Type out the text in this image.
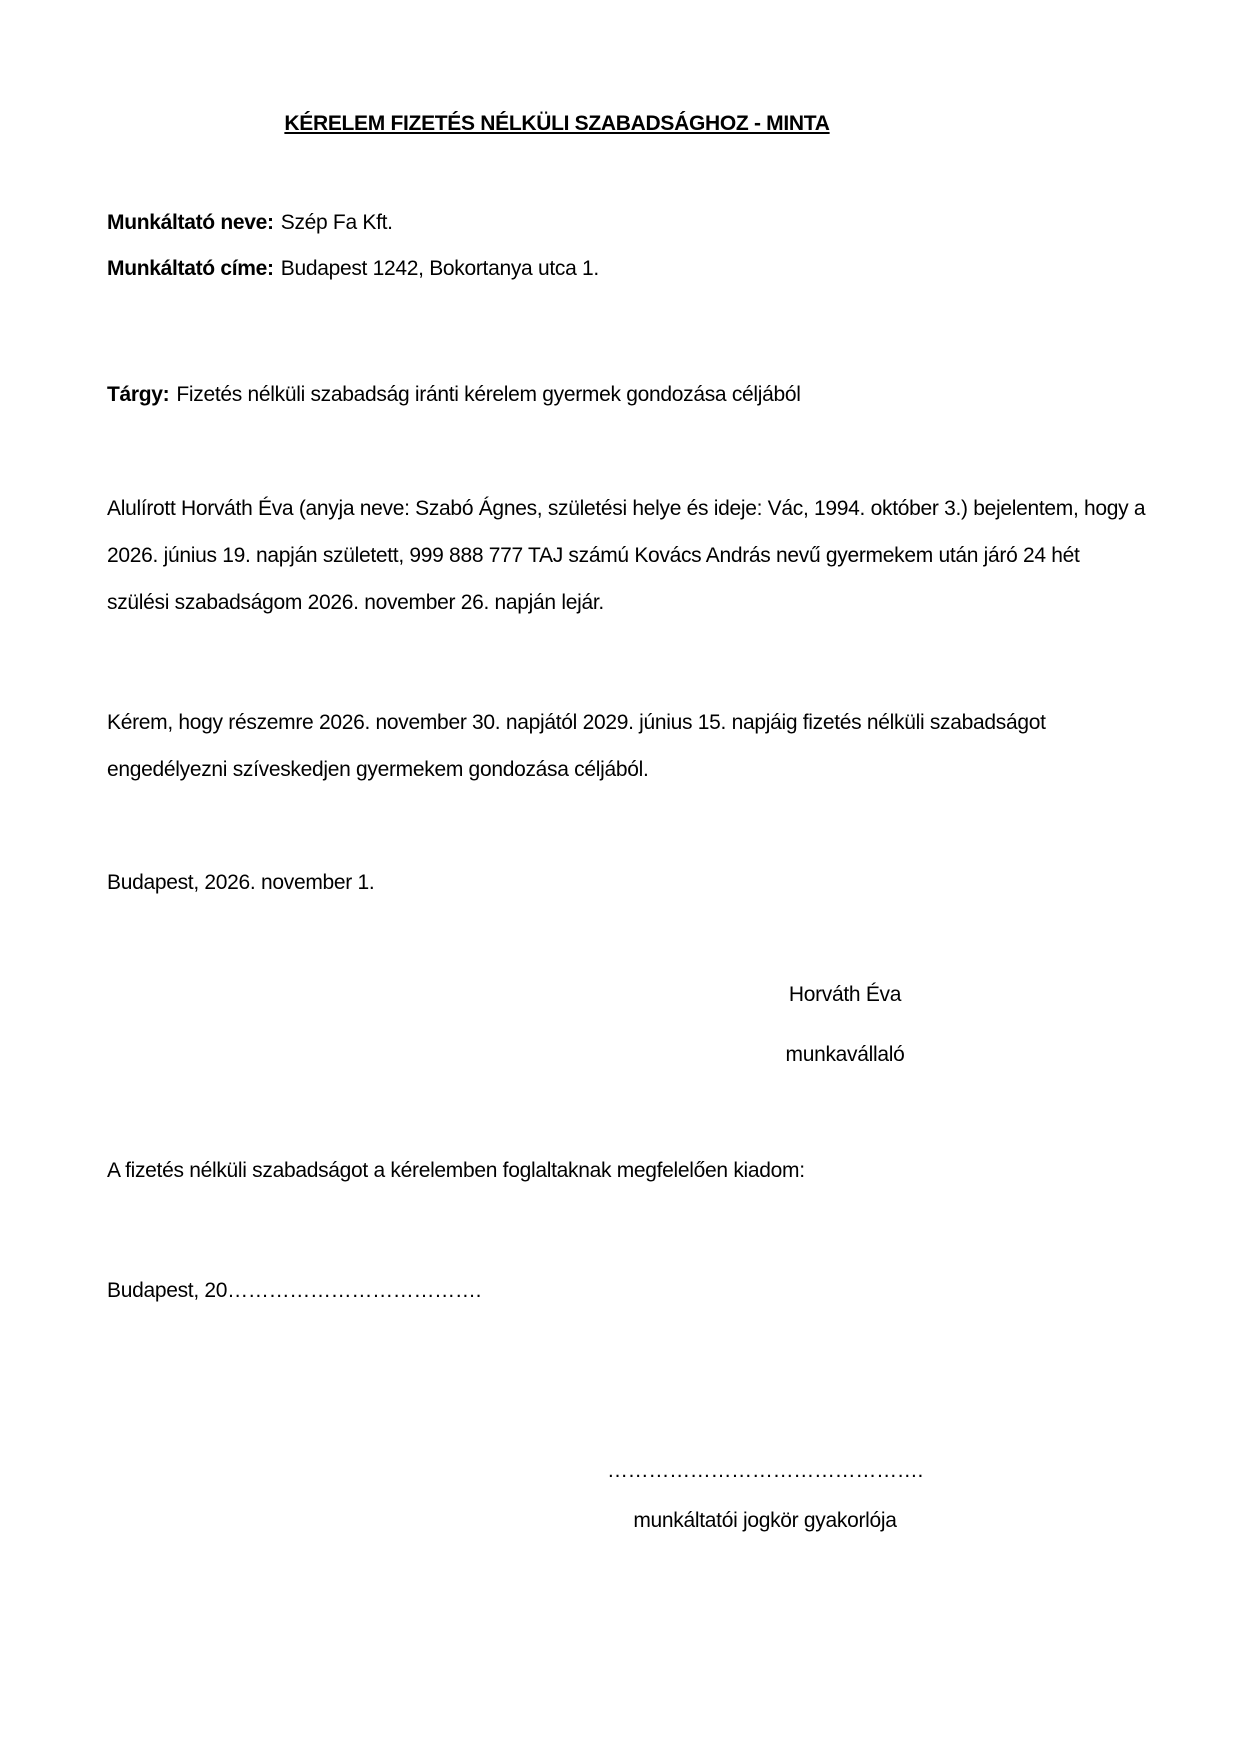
KÉRELEM FIZETÉS NÉLKÜLI SZABADSÁGHOZ - MINTA
Munkáltató neve: Szép Fa Kft.
Munkáltató címe: Budapest 1242, Bokortanya utca 1.
Tárgy: Fizetés nélküli szabadság iránti kérelem gyermek gondozása céljából
Alulírott Horváth Éva (anyja neve: Szabó Ágnes, születési helye és ideje: Vác, 1994. október 3.) bejelentem, hogy a 2026. június 19. napján született, 999 888 777 TAJ számú Kovács András nevű gyermekem után járó 24 hét szülési szabadságom 2026. november 26. napján lejár.
Kérem, hogy részemre 2026. november 30. napjától 2029. június 15. napjáig fizetés nélküli szabadságot engedélyezni szíveskedjen gyermekem gondozása céljából.
Budapest, 2026. november 1.
Horváth Éva
munkavállaló
A fizetés nélküli szabadságot a kérelemben foglaltaknak megfelelően kiadom:
Budapest, 20……………………………….
……………………………………….
munkáltatói jogkör gyakorlója
